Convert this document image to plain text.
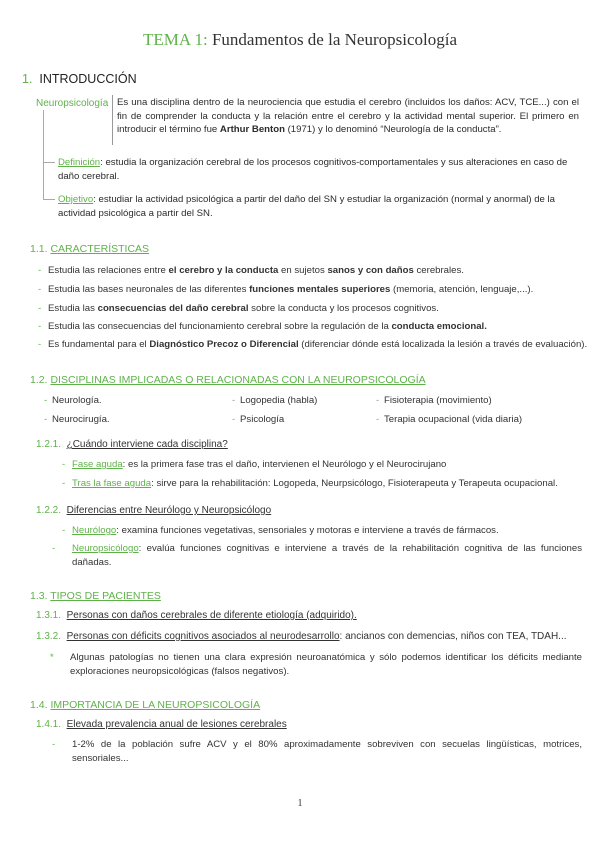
TEMA 1: Fundamentos de la Neuropsicología
1. INTRODUCCIÓN
Neuropsicología Es una disciplina dentro de la neurociencia que estudia el cerebro (incluidos los daños: ACV, TCE...) con el fin de comprender la conducta y la relación entre el cerebro y la actividad mental superior. El primero en introducir el término fue Arthur Benton (1971) y lo denominó “Neurología de la conducta”.
Definición: estudia la organización cerebral de los procesos cognitivos-comportamentales y sus alteraciones en caso de daño cerebral.
Objetivo: estudiar la actividad psicológica a partir del daño del SN y estudiar la organización (normal y anormal) de la actividad psicológica a partir del SN.
1.1. CARACTERÍSTICAS
- Estudia las relaciones entre el cerebro y la conducta en sujetos sanos y con daños cerebrales.
- Estudia las bases neuronales de las diferentes funciones mentales superiores (memoria, atención, lenguaje,...).
- Estudia las consecuencias del daño cerebral sobre la conducta y los procesos cognitivos.
- Estudia las consecuencias del funcionamiento cerebral sobre la regulación de la conducta emocional.
- Es fundamental para el Diagnóstico Precoz o Diferencial (diferenciar dónde está localizada la lesión a través de evaluación).
1.2. DISCIPLINAS IMPLICADAS O RELACIONADAS CON LA NEUROPSICOLOGÍA
- Neurología.
- Neurocirugía.
- Logopedia (habla)
- Psicología
- Fisioterapia (movimiento)
- Terapia ocupacional (vida diaria)
1.2.1. ¿Cuándo interviene cada disciplina?
- Fase aguda: es la primera fase tras el daño, intervienen el Neurólogo y el Neurocirujano
- Tras la fase aguda: sirve para la rehabilitación: Logopeda, Neurpsicólogo, Fisioterapeuta y Terapeuta ocupacional.
1.2.2. Diferencias entre Neurólogo y Neuropsicólogo
- Neurólogo: examina funciones vegetativas, sensoriales y motoras e interviene a través de fármacos.
- Neuropsicólogo: evalúa funciones cognitivas e interviene a través de la rehabilitación cognitiva de las funciones dañadas.
1.3. TIPOS DE PACIENTES
1.3.1. Personas con daños cerebrales de diferente etiología (adquirido).
1.3.2. Personas con déficits cognitivos asociados al neurodesarrollo: ancianos con demencias, niños con TEA, TDAH...
* Algunas patologías no tienen una clara expresión neuroanatómica y sólo podemos identificar los déficits mediante exploraciones neuropsicológicas (falsos negativos).
1.4. IMPORTANCIA DE LA NEUROPSICOLOGÍA
1.4.1. Elevada prevalencia anual de lesiones cerebrales
- 1-2% de la población sufre ACV y el 80% aproximadamente sobreviven con secuelas lingüísticas, motrices, sensoriales...
1
